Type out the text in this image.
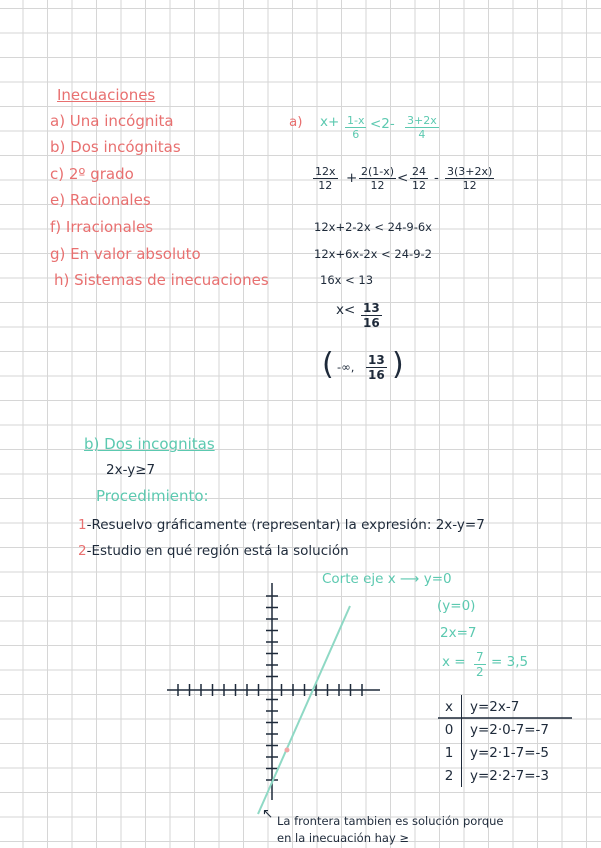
Inecuaciones
a) Una incógnita
b) Dos incógnitas
c) 2º grado
e) Racionales
f) Irracionales
g) En valor absoluto
h) Sistemas de inecuaciones
a) $x+ \frac{1-x}{6} <2- \frac{3+2x}{4}$
$\frac{12x}{12} + \frac{2(1-x)}{12} < \frac{24}{12} - \frac{3(3+2x)}{12}$
12x+2-2x < 24-9-6x
12x+6x-2x < 24-9-2
16x < 13
$x< \frac{13}{16}$
( -∞, $\frac{13}{16}$ )
b) Dos incognitas
2x-y≥7
Procedimiento:
1-Resuelvo gráficamente (representar) la expresión: 2x-y=7
2-Estudio en qué región está la solución
Corte eje x ⟶ y=0
(y=0)
2x=7
$x = \frac{7}{2} = 3,5$
x	y=2x-7
0	y=2·0-7=-7
1	y=2·1-7=-5
2	y=2·2-7=-3
↖ La frontera tambien es solución porque
en la inecuación hay ≥
